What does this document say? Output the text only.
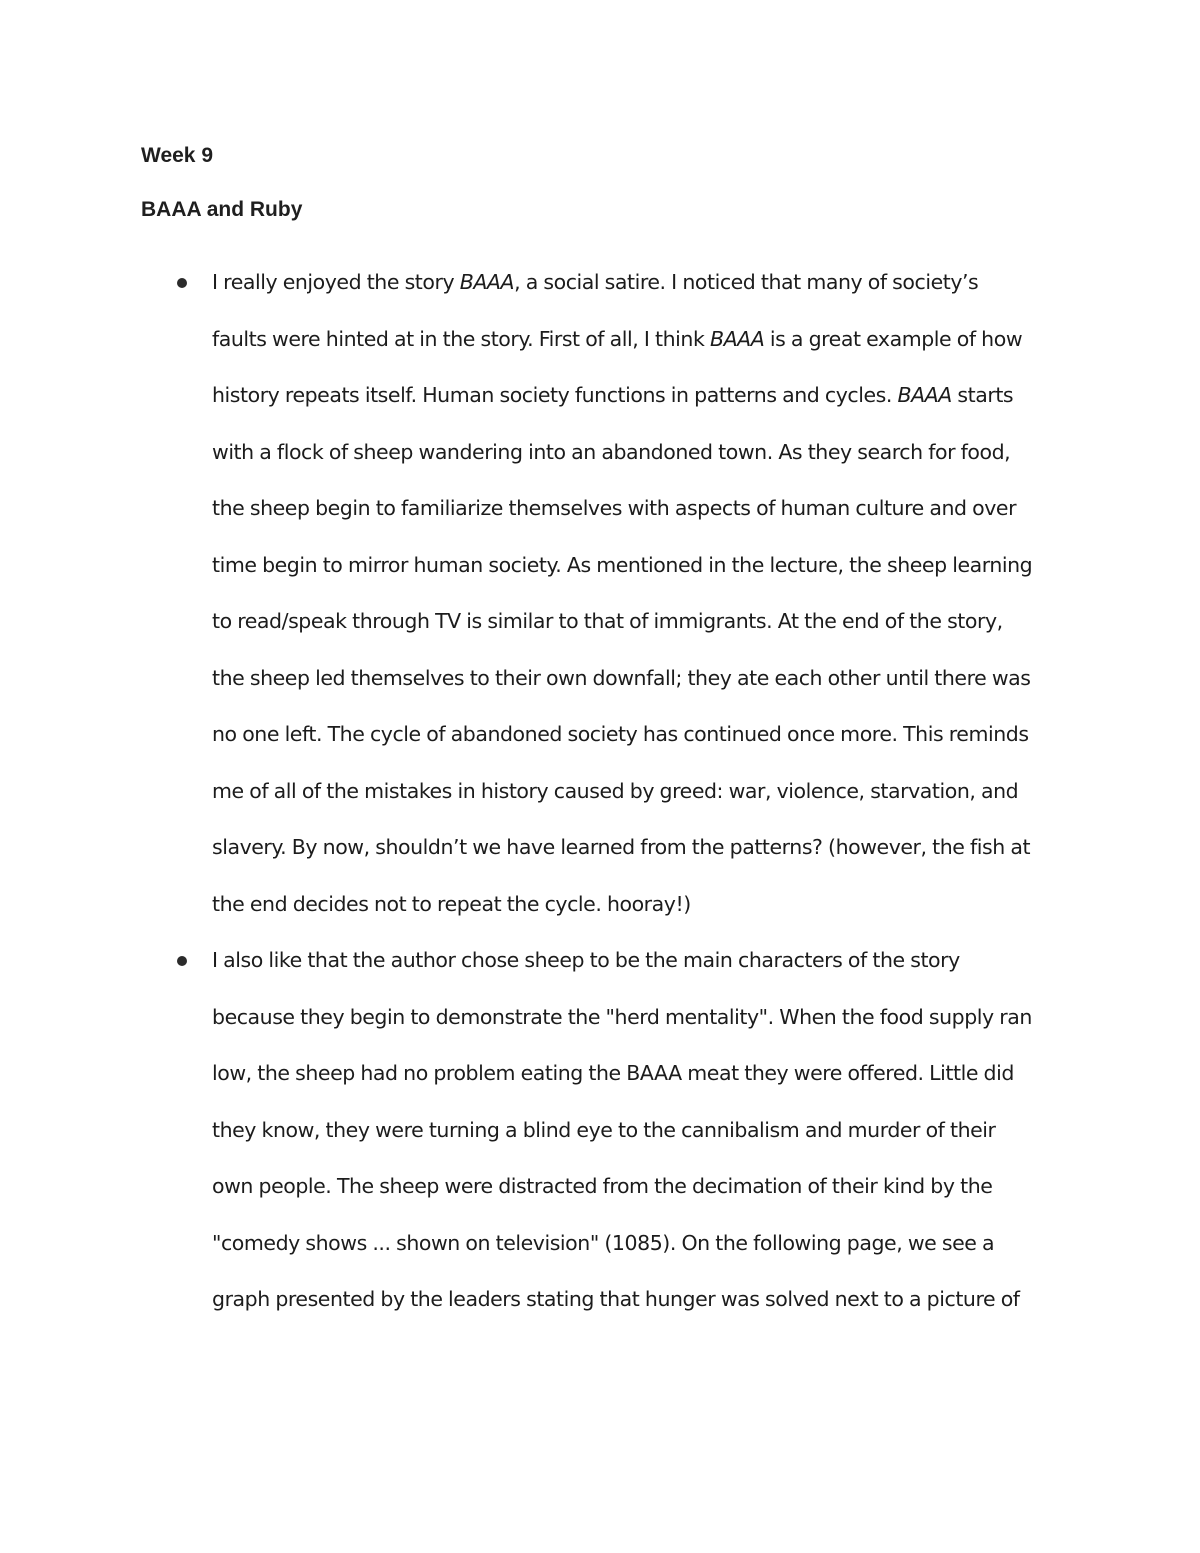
Week 9
BAAA and Ruby
I really enjoyed the story BAAA, a social satire. I noticed that many of society’s
faults were hinted at in the story. First of all, I think BAAA is a great example of how
history repeats itself. Human society functions in patterns and cycles. BAAA starts
with a flock of sheep wandering into an abandoned town. As they search for food,
the sheep begin to familiarize themselves with aspects of human culture and over
time begin to mirror human society. As mentioned in the lecture, the sheep learning
to read/speak through TV is similar to that of immigrants. At the end of the story,
the sheep led themselves to their own downfall; they ate each other until there was
no one left. The cycle of abandoned society has continued once more. This reminds
me of all of the mistakes in history caused by greed: war, violence, starvation, and
slavery. By now, shouldn’t we have learned from the patterns? (however, the fish at
the end decides not to repeat the cycle. hooray!)
I also like that the author chose sheep to be the main characters of the story
because they begin to demonstrate the "herd mentality". When the food supply ran
low, the sheep had no problem eating the BAAA meat they were offered. Little did
they know, they were turning a blind eye to the cannibalism and murder of their
own people. The sheep were distracted from the decimation of their kind by the
"comedy shows ... shown on television" (1085). On the following page, we see a
graph presented by the leaders stating that hunger was solved next to a picture of
